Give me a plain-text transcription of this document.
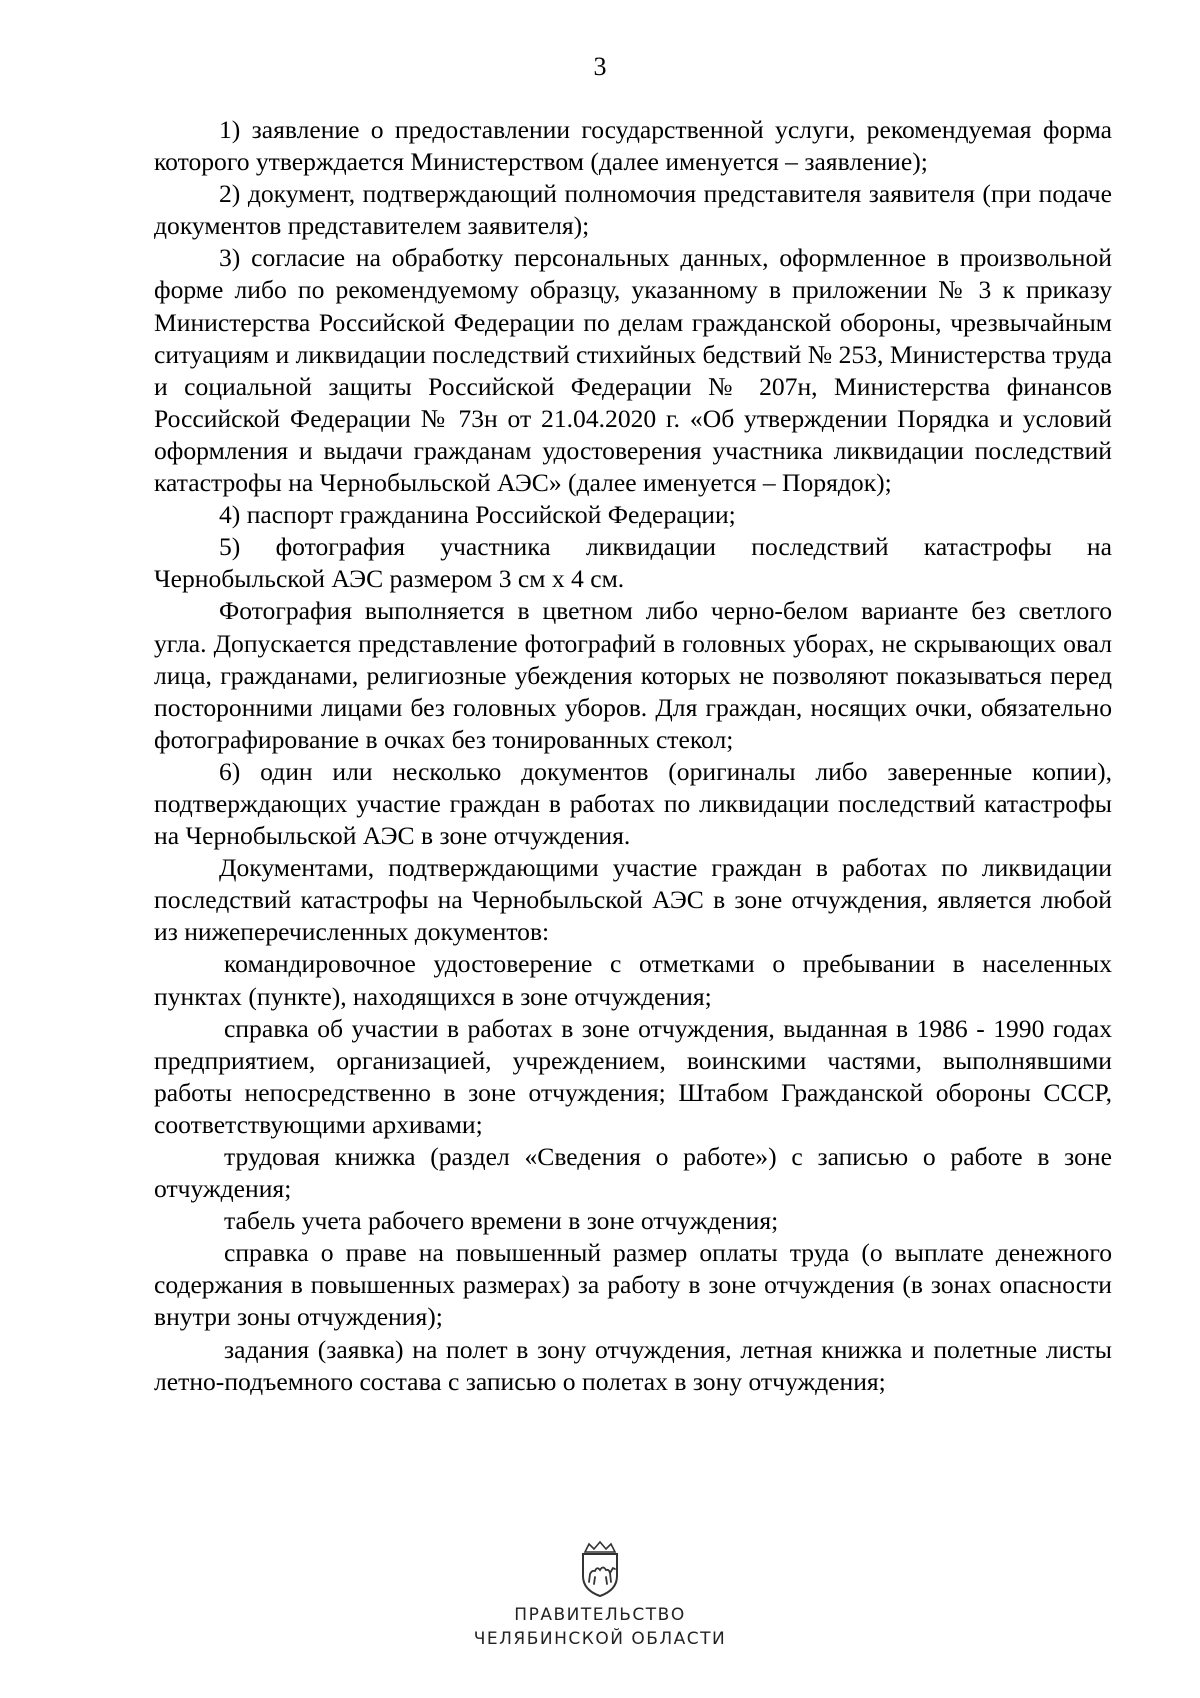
3

1) заявление о предоставлении государственной услуги, рекомендуемая форма которого утверждается Министерством (далее именуется – заявление);

2) документ, подтверждающий полномочия представителя заявителя (при подаче документов представителем заявителя);

3) согласие на обработку персональных данных, оформленное в произвольной форме либо по рекомендуемому образцу, указанному в приложении № 3 к приказу Министерства Российской Федерации по делам гражданской обороны, чрезвычайным ситуациям и ликвидации последствий стихийных бедствий № 253, Министерства труда и социальной защиты Российской Федерации № 207н, Министерства финансов Российской Федерации № 73н от 21.04.2020 г. «Об утверждении Порядка и условий оформления и выдачи гражданам удостоверения участника ликвидации последствий катастрофы на Чернобыльской АЭС» (далее именуется – Порядок);

4) паспорт гражданина Российской Федерации;

5) фотография участника ликвидации последствий катастрофы на Чернобыльской АЭС размером 3 см х 4 см.

Фотография выполняется в цветном либо черно-белом варианте без светлого угла. Допускается представление фотографий в головных уборах, не скрывающих овал лица, гражданами, религиозные убеждения которых не позволяют показываться перед посторонними лицами без головных уборов. Для граждан, носящих очки, обязательно фотографирование в очках без тонированных стекол;

6) один или несколько документов (оригиналы либо заверенные копии), подтверждающих участие граждан в работах по ликвидации последствий катастрофы на Чернобыльской АЭС в зоне отчуждения.

Документами, подтверждающими участие граждан в работах по ликвидации последствий катастрофы на Чернобыльской АЭС в зоне отчуждения, является любой из нижеперечисленных документов:

командировочное удостоверение с отметками о пребывании в населенных пунктах (пункте), находящихся в зоне отчуждения;

справка об участии в работах в зоне отчуждения, выданная в 1986 - 1990 годах предприятием, организацией, учреждением, воинскими частями, выполнявшими работы непосредственно в зоне отчуждения; Штабом Гражданской обороны СССР, соответствующими архивами;

трудовая книжка (раздел «Сведения о работе») с записью о работе в зоне отчуждения;

табель учета рабочего времени в зоне отчуждения;

справка о праве на повышенный размер оплаты труда (о выплате денежного содержания в повышенных размерах) за работу в зоне отчуждения (в зонах опасности внутри зоны отчуждения);

задания (заявка) на полет в зону отчуждения, летная книжка и полетные листы летно-подъемного состава с записью о полетах в зону отчуждения;

ПРАВИТЕЛЬСТВО
ЧЕЛЯБИНСКОЙ ОБЛАСТИ
